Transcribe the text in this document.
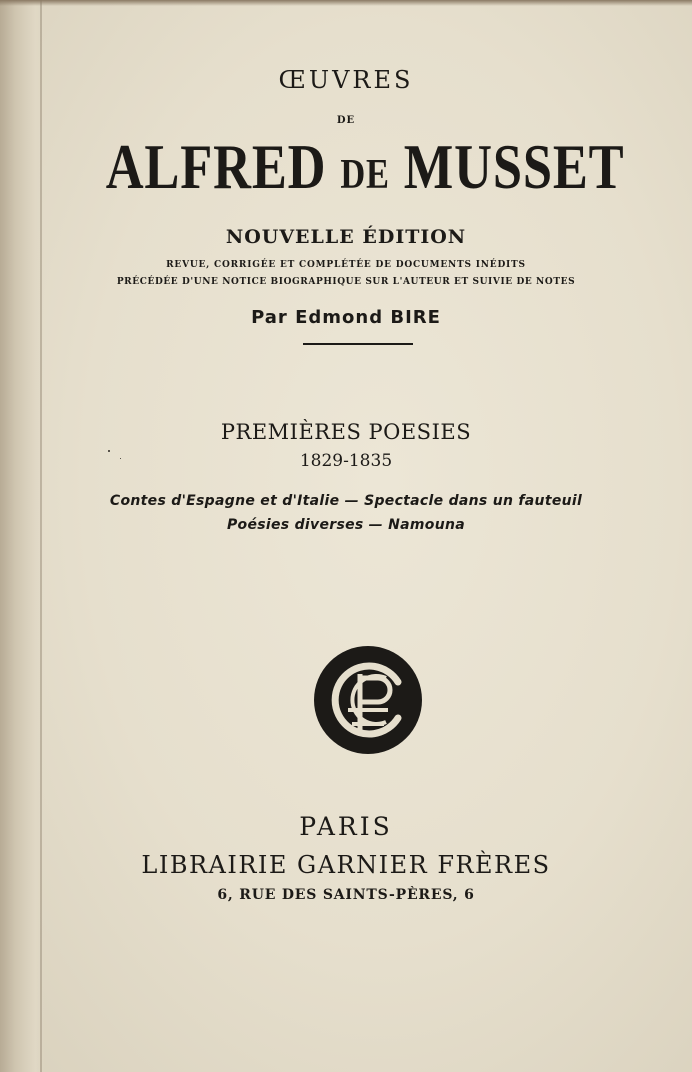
ŒUVRES
DE
ALFRED DE MUSSET
NOUVELLE ÉDITION
REVUE, CORRIGÉE ET COMPLÉTÉE DE DOCUMENTS INÉDITS
PRÉCÉDÉE D'UNE NOTICE BIOGRAPHIQUE SUR L'AUTEUR ET SUIVIE DE NOTES
Par Edmond BIRE
PREMIÈRES POESIES
1829-1835
Contes d'Espagne et d'Italie — Spectacle dans un fauteuil
Poésies diverses — Namouna
PARIS
LIBRAIRIE GARNIER FRÈRES
6, RUE DES SAINTS-PÈRES, 6
